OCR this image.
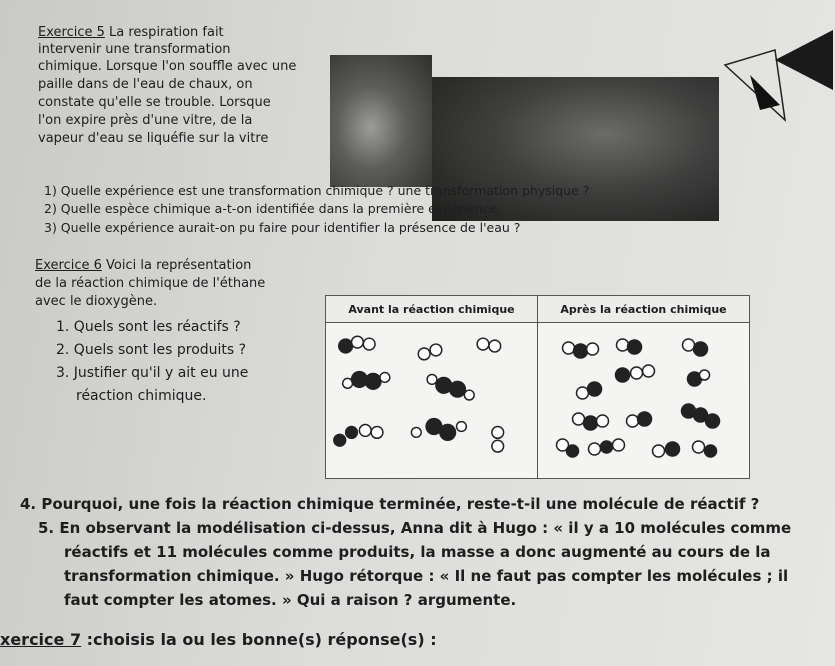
Exercice 5 La respiration fait
intervenir une transformation
chimique. Lorsque l'on souffle avec une
paille dans de l'eau de chaux, on
constate qu'elle se trouble. Lorsque
l'on expire près d'une vitre, de la
vapeur d'eau se liquéfie sur la vitre
1) Quelle expérience est une transformation chimique ? une transformation physique ?
2) Quelle espèce chimique a-t-on identifiée dans la première expérience.
3) Quelle expérience aurait-on pu faire pour identifier la présence de l'eau ?
Exercice 6 Voici la représentation
de la réaction chimique de l'éthane
avec le dioxygène.
1. Quels sont les réactifs ?
2. Quels sont les produits ?
3. Justifier qu'il y ait eu une
réaction chimique.
Avant la réaction chimique	Après la réaction chimique

4. Pourquoi, une fois la réaction chimique terminée, reste-t-il une molécule de réactif ?
5. En observant la modélisation ci-dessus, Anna dit à Hugo : « il y a 10 molécules comme
réactifs et 11 molécules comme produits, la masse a donc augmenté au cours de la
transformation chimique. » Hugo rétorque : « Il ne faut pas compter les molécules ; il
faut compter les atomes. » Qui a raison ? argumente.
xercice 7 :choisis la ou les bonne(s) réponse(s) :
